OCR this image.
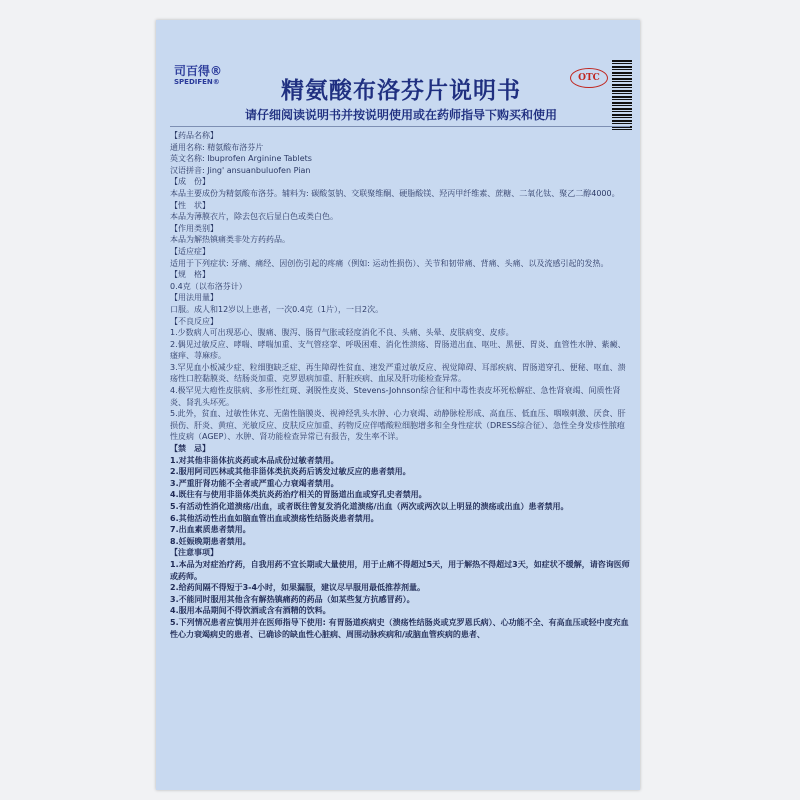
司百得®
SPEDIFEN®	精氨酸布洛芬片说明书	OTC
请仔细阅读说明书并按说明使用或在药师指导下购买和使用
【药品名称】
通用名称: 精氨酸布洛芬片
英文名称: Ibuprofen Arginine Tablets
汉语拼音: Jing' ansuanbuluofen Pian
【成　份】
本品主要成份为精氨酸布洛芬。辅料为: 碳酸氢钠、交联聚维酮、硬脂酸镁、羟丙甲纤维素、蔗糖、二氧化钛、聚乙二醇4000。
【性　状】
本品为薄膜衣片，除去包衣后显白色或类白色。
【作用类别】
本品为解热镇痛类非处方药药品。
【适应症】
适用于下列症状: 牙痛、痛经、因创伤引起的疼痛（例如: 运动性损伤）、关节和韧带痛、背痛、头痛、以及流感引起的发热。
【规　格】
0.4克（以布洛芬计）
【用法用量】
口服。成人和12岁以上患者，一次0.4克（1片），一日2次。
【不良反应】
1.少数病人可出现恶心、腹痛、腹泻、肠胃气胀或轻度消化不良、头痛、头晕、皮肤病变、皮疹。
2.偶见过敏反应、哮喘、哮喘加重、支气管痉挛、呼吸困难、消化性溃疡、胃肠道出血、呕吐、黑便、胃炎、血管性水肿、紫癜、瘙痒、荨麻疹。
3.罕见血小板减少症、粒细胞缺乏症、再生障碍性贫血、速发严重过敏反应、视觉障碍、耳部疾病、胃肠道穿孔、便秘、呕血、溃疡性口腔黏膜炎、结肠炎加重、克罗恩病加重、肝脏疾病、血尿及肝功能检查异常。
4.极罕见大疱性皮肤病、多形性红斑、剥脱性皮炎、Stevens-Johnson综合征和中毒性表皮坏死松解症、急性肾衰竭、间质性肾炎、肾乳头坏死。
5.此外，贫血、过敏性休克、无菌性脑膜炎、视神经乳头水肿、心力衰竭、动静脉栓形成、高血压、低血压、咽喉刺激、厌食、肝损伤、肝炎、黄疸、光敏反应、皮肤反应加重、药物反应伴嗜酸粒细胞增多和全身性症状（DRESS综合征）、急性全身发疹性脓疱性皮病（AGEP）、水肿、肾功能检查异常已有报告，发生率不详。
【禁　忌】
1.对其他非甾体抗炎药或本品成份过敏者禁用。
2.服用阿司匹林或其他非甾体类抗炎药后诱发过敏反应的患者禁用。
3.严重肝肾功能不全者或严重心力衰竭者禁用。
4.既往有与使用非甾体类抗炎药治疗相关的胃肠道出血或穿孔史者禁用。
5.有活动性消化道溃疡/出血，或者既往曾复发消化道溃疡/出血（两次或两次以上明显的溃疡或出血）患者禁用。
6.其他活动性出血如脑血管出血或溃疡性结肠炎患者禁用。
7.出血素质患者禁用。
8.妊娠晚期患者禁用。
【注意事项】
1.本品为对症治疗药，自我用药不宜长期或大量使用，用于止痛不得超过5天，用于解热不得超过3天，如症状不缓解，请咨询医师或药师。
2.给药间隔不得短于3-4小时，如果漏服，建议尽早服用最低推荐剂量。
3.不能同时服用其他含有解热镇痛药的药品（如某些复方抗感冒药）。
4.服用本品期间不得饮酒或含有酒精的饮料。
5.下列情况患者应慎用并在医师指导下使用: 有胃肠道疾病史（溃疡性结肠炎或克罗恩氏病）、心功能不全、有高血压或轻中度充血性心力衰竭病史的患者、已确诊的缺血性心脏病、周围动脉疾病和/或脑血管疾病的患者、
